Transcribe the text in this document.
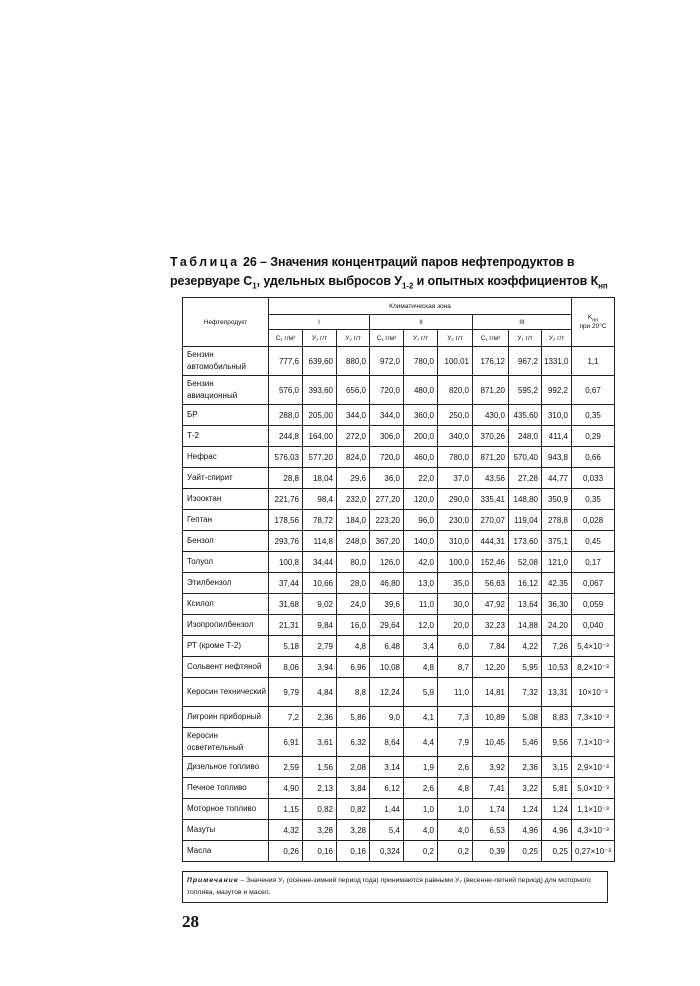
Таблица 26 – Значения концентраций паров нефтепродуктов в резервуаре $С_1$, удельных выбросов $У_{1-2}$ и опытных коэффициентов $К_{нп}$
Нефтепродукт	Климатическая зона									$K_{нп}$
при 20°C
	I			II			III			
	C₁ г/м³	У₁ г/т	У₂ г/т	C₁ г/м³	У₁ г/т	У₂ г/т	C₁ г/м³	У₁ г/т	У₂ г/т	
Бензин автомобильный	777,6	639,60	880,0	972,0	780,0	100,01	176,12	967,2	1331,0	1,1
Бензин авиационный	576,0	393,60	656,0	720,0	480,0	820,0	871,20	595,2	992,2	0,67
БР	288,0	205,00	344,0	344,0	360,0	250,0	430,0	435,60	310,0	0,35
Т-2	244,8	164,00	272,0	306,0	200,0	340,0	370,26	248,0	411,4	0,29
Нефрас	576,03	577,20	824,0	720,0	460,0	780,0	871,20	570,40	943,8	0,66
Уайт-спирит	28,8	18,04	29,6	36,0	22,0	37,0	43,56	27,28	44,77	0,033
Изооктан	221,76	98,4	232,0	277,20	120,0	290,0	335,41	148,80	350,9	0,35
Гептан	178,56	78,72	184,0	223,20	96,0	230,0	270,07	119,04	278,8	0,028
Бензол	293,76	114,8	248,0	367,20	140,0	310,0	444,31	173,60	375,1	0,45
Толуол	100,8	34,44	80,0	126,0	42,0	100,0	152,46	52,08	121,0	0,17
Этилбензол	37,44	10,66	28,0	46,80	13,0	35,0	56,63	16,12	42,35	0,067
Ксилол	31,68	9,02	24,0	39,6	11,0	30,0	47,92	13,64	36,30	0,059
Изопропилбензол	21,31	9,84	16,0	29,64	12,0	20,0	32,23	14,88	24,20	0,040
РТ (кроме Т-2)	5,18	2,79	4,8	6,48	3,4	6,0	7,84	4,22	7,26	5,4×10⁻³
Сольвент нефтяной	8,06	3,94	6,96	10,08	4,8	8,7	12,20	5,95	10,53	8,2×10⁻³
Керосин технический	9,79	4,84	8,8	12,24	5,9	11,0	14,81	7,32	13,31	10×10⁻³
Лигроин приборный	7,2	2,36	5,86	9,0	4,1	7,3	10,89	5,08	8,83	7,3×10⁻³
Керосин осветительный	6,91	3,61	6,32	8,64	4,4	7,9	10,45	5,46	9,56	7,1×10⁻³
Дизельное топливо	2,59	1,56	2,08	3,14	1,9	2,6	3,92	2,36	3,15	2,9×10⁻³
Печное топливо	4,90	2,13	3,84	6,12	2,6	4,8	7,41	3,22	5,81	5,0×10⁻³
Моторное топливо	1,15	0,82	0,82	1,44	1,0	1,0	1,74	1,24	1,24	1,1×10⁻³
Мазуты	4,32	3,28	3,28	5,4	4,0	4,0	6,53	4,96	4,96	4,3×10⁻³
Масла	0,26	0,16	0,16	0,324	0,2	0,2	0,39	0,25	0,25	0,27×10⁻³
Примечание – Значения У₁ (осенне-зимний период года) принимаются равными У₂ (весенне-летний период) для моторного топлива, мазутов и масел.
28
